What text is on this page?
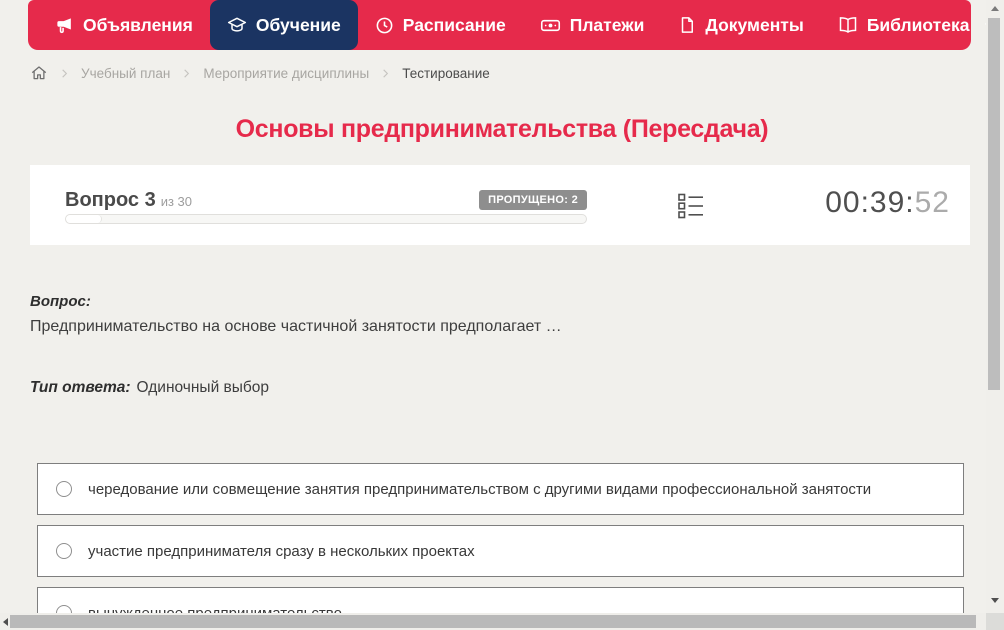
Объявления	Обучение	Расписание	Платежи	Документы	Библиотека
Учебный план Мероприятие дисциплины Тестирование
Основы предпринимательства (Пересдача)
Вопрос 3 из 30	ПРОПУЩЕНО: 2	00:39:52
Вопрос:
Предпринимательство на основе частичной занятости предполагает …
Тип ответа: Одиночный выбор
чередование или совмещение занятия предпринимательством с другими видами профессиональной занятости
участие предпринимателя сразу в нескольких проектах
